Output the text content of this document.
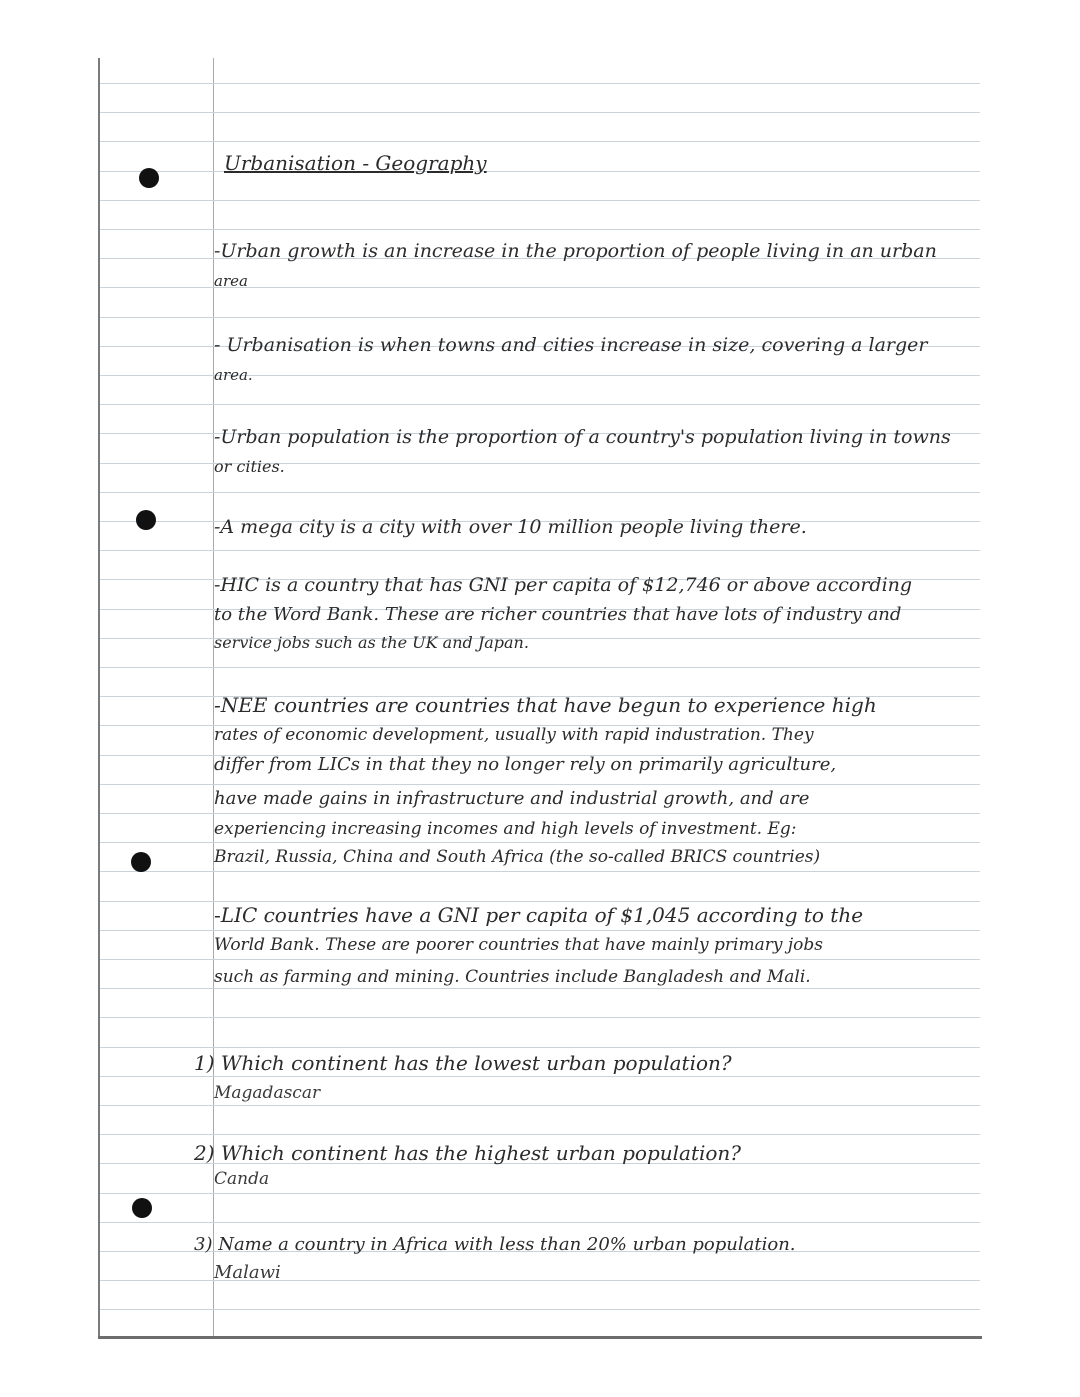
Urbanisation - Geography
-Urban growth is an increase in the proportion of people living in an urban
area
- Urbanisation is when towns and cities increase in size, covering a larger
area.
-Urban population is the proportion of a country's population living in towns
or cities.
-A mega city is a city with over 10 million people living there.
-HIC is a country that has GNI per capita of $12,746 or above according
to the Word Bank. These are richer countries that have lots of industry and
service jobs such as the UK and Japan.
-NEE countries are countries that have begun to experience high
rates of economic development, usually with rapid industration. They
differ from LICs in that they no longer rely on primarily agriculture,
have made gains in infrastructure and industrial growth, and are
experiencing increasing incomes and high levels of investment. Eg:
Brazil, Russia, China and South Africa (the so-called BRICS countries)
-LIC countries have a GNI per capita of $1,045 according to the
World Bank. These are poorer countries that have mainly primary jobs
such as farming and mining. Countries include Bangladesh and Mali.
1) Which continent has the lowest urban population?
Magadascar
2) Which continent has the highest urban population?
Canda
3) Name a country in Africa with less than 20% urban population.
Malawi
